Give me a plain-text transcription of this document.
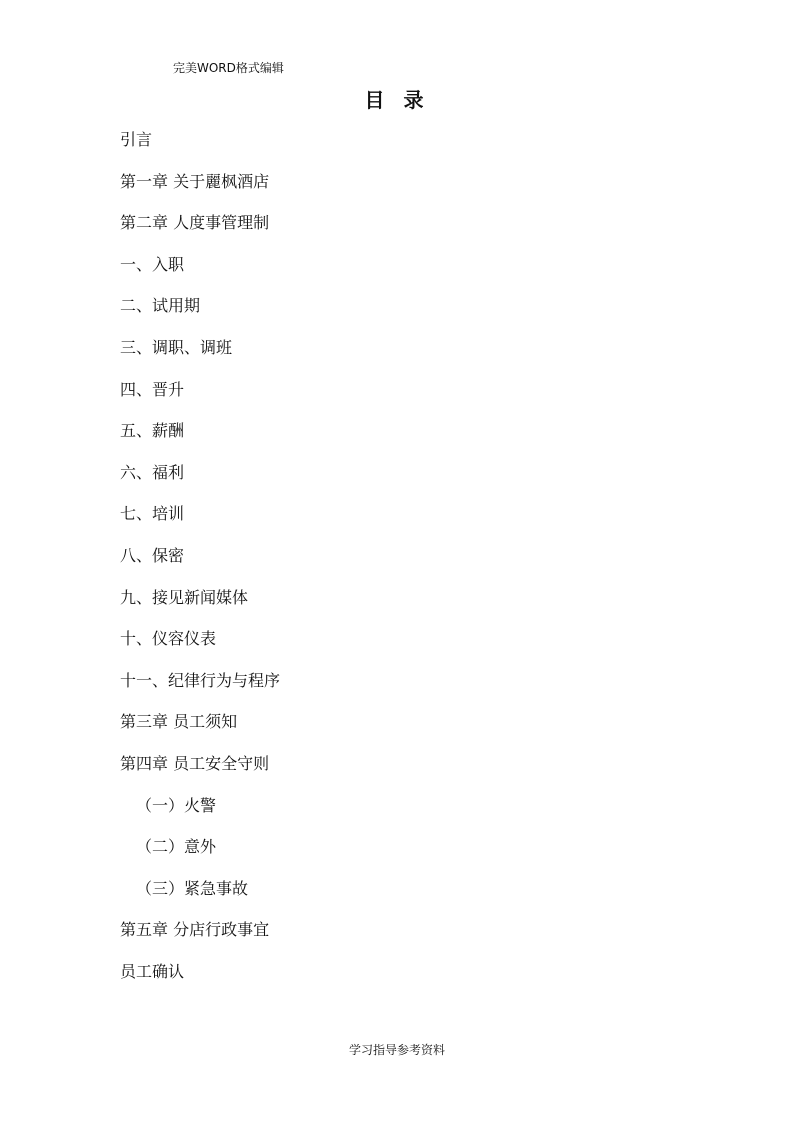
完美WORD格式编辑
目 录
引言
第一章 关于麗枫酒店
第二章 人度事管理制
一、入职
二、试用期
三、调职、调班
四、晋升
五、薪酬
六、福利
七、培训
八、保密
九、接见新闻媒体
十、仪容仪表
十一、纪律行为与程序
第三章 员工须知
第四章 员工安全守则
（一）火警
（二）意外
（三）紧急事故
第五章 分店行政事宜
员工确认
学习指导参考资料
